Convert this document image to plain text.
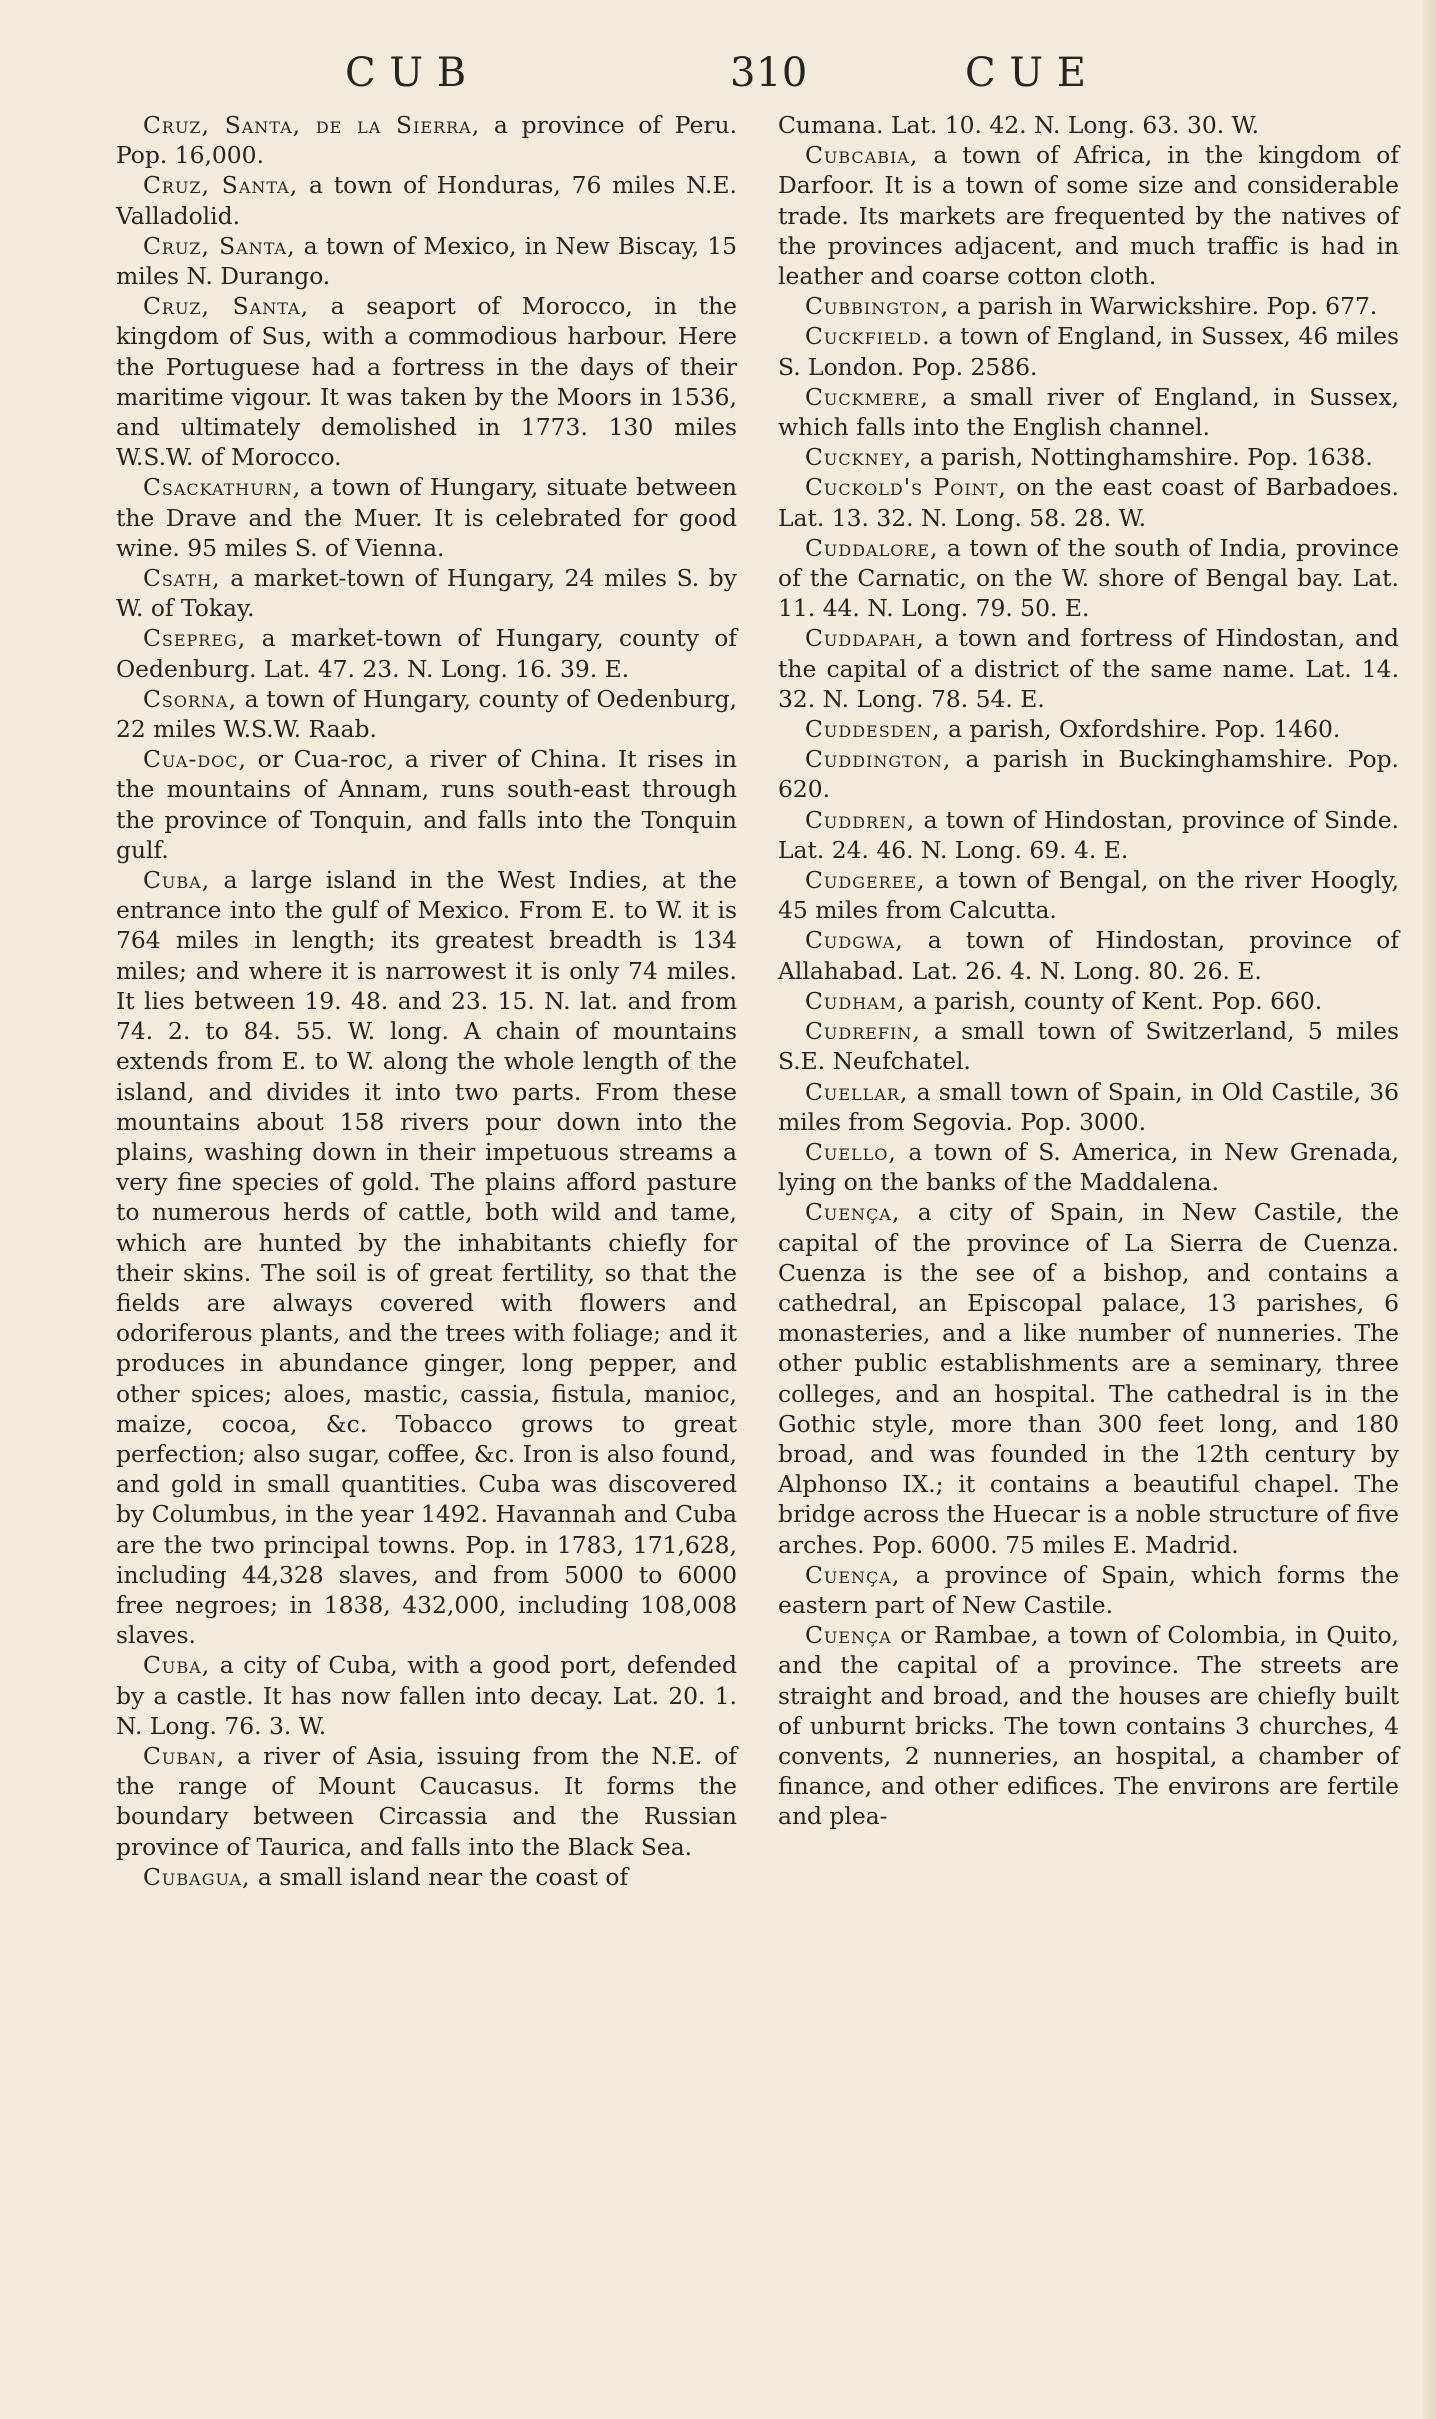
C U B	310	C U E

Cruz, Santa, de la Sierra, a province of Peru. Pop. 16,000.

Cruz, Santa, a town of Honduras, 76 miles N.E. Valladolid.

Cruz, Santa, a town of Mexico, in New Biscay, 15 miles N. Durango.

Cruz, Santa, a seaport of Morocco, in the kingdom of Sus, with a commodious harbour. Here the Portuguese had a fortress in the days of their maritime vigour. It was taken by the Moors in 1536, and ultimately demolished in 1773. 130 miles W.S.W. of Morocco.

Csackathurn, a town of Hungary, situate between the Drave and the Muer. It is celebrated for good wine. 95 miles S. of Vienna.

Csath, a market-town of Hungary, 24 miles S. by W. of Tokay.

Csepreg, a market-town of Hungary, county of Oedenburg. Lat. 47. 23. N. Long. 16. 39. E.

Csorna, a town of Hungary, county of Oedenburg, 22 miles W.S.W. Raab.

Cua-doc, or Cua-roc, a river of China. It rises in the mountains of Annam, runs south-east through the province of Tonquin, and falls into the Tonquin gulf.

Cuba, a large island in the West Indies, at the entrance into the gulf of Mexico. From E. to W. it is 764 miles in length; its greatest breadth is 134 miles; and where it is narrowest it is only 74 miles. It lies between 19. 48. and 23. 15. N. lat. and from 74. 2. to 84. 55. W. long. A chain of mountains extends from E. to W. along the whole length of the island, and divides it into two parts. From these mountains about 158 rivers pour down into the plains, washing down in their impetuous streams a very fine species of gold. The plains afford pasture to numerous herds of cattle, both wild and tame, which are hunted by the inhabitants chiefly for their skins. The soil is of great fertility, so that the fields are always covered with flowers and odoriferous plants, and the trees with foliage; and it produces in abundance ginger, long pepper, and other spices; aloes, mastic, cassia, fistula, manioc, maize, cocoa, &c. Tobacco grows to great perfection; also sugar, coffee, &c. Iron is also found, and gold in small quantities. Cuba was discovered by Columbus, in the year 1492. Havannah and Cuba are the two principal towns. Pop. in 1783, 171,628, including 44,328 slaves, and from 5000 to 6000 free negroes; in 1838, 432,000, including 108,008 slaves.

Cuba, a city of Cuba, with a good port, defended by a castle. It has now fallen into decay. Lat. 20. 1. N. Long. 76. 3. W.

Cuban, a river of Asia, issuing from the N.E. of the range of Mount Caucasus. It forms the boundary between Circassia and the Russian province of Taurica, and falls into the Black Sea.

Cubagua, a small island near the coast of

Cumana. Lat. 10. 42. N. Long. 63. 30. W.

Cubcabia, a town of Africa, in the kingdom of Darfoor. It is a town of some size and considerable trade. Its markets are frequented by the natives of the provinces adjacent, and much traffic is had in leather and coarse cotton cloth.

Cubbington, a parish in Warwickshire. Pop. 677.

Cuckfield. a town of England, in Sussex, 46 miles S. London. Pop. 2586.

Cuckmere, a small river of England, in Sussex, which falls into the English channel.

Cuckney, a parish, Nottinghamshire. Pop. 1638.

Cuckold's Point, on the east coast of Barbadoes. Lat. 13. 32. N. Long. 58. 28. W.

Cuddalore, a town of the south of India, province of the Carnatic, on the W. shore of Bengal bay. Lat. 11. 44. N. Long. 79. 50. E.

Cuddapah, a town and fortress of Hindostan, and the capital of a district of the same name. Lat. 14. 32. N. Long. 78. 54. E.

Cuddesden, a parish, Oxfordshire. Pop. 1460.

Cuddington, a parish in Buckinghamshire. Pop. 620.

Cuddren, a town of Hindostan, province of Sinde. Lat. 24. 46. N. Long. 69. 4. E.

Cudgeree, a town of Bengal, on the river Hoogly, 45 miles from Calcutta.

Cudgwa, a town of Hindostan, province of Allahabad. Lat. 26. 4. N. Long. 80. 26. E.

Cudham, a parish, county of Kent. Pop. 660.

Cudrefin, a small town of Switzerland, 5 miles S.E. Neufchatel.

Cuellar, a small town of Spain, in Old Castile, 36 miles from Segovia. Pop. 3000.

Cuello, a town of S. America, in New Grenada, lying on the banks of the Maddalena.

Cuença, a city of Spain, in New Castile, the capital of the province of La Sierra de Cuenza. Cuenza is the see of a bishop, and contains a cathedral, an Episcopal palace, 13 parishes, 6 monasteries, and a like number of nunneries. The other public establishments are a seminary, three colleges, and an hospital. The cathedral is in the Gothic style, more than 300 feet long, and 180 broad, and was founded in the 12th century by Alphonso IX.; it contains a beautiful chapel. The bridge across the Huecar is a noble structure of five arches. Pop. 6000. 75 miles E. Madrid.

Cuença, a province of Spain, which forms the eastern part of New Castile.

Cuença or Rambae, a town of Colombia, in Quito, and the capital of a province. The streets are straight and broad, and the houses are chiefly built of unburnt bricks. The town contains 3 churches, 4 convents, 2 nunneries, an hospital, a chamber of finance, and other edifices. The environs are fertile and plea-
